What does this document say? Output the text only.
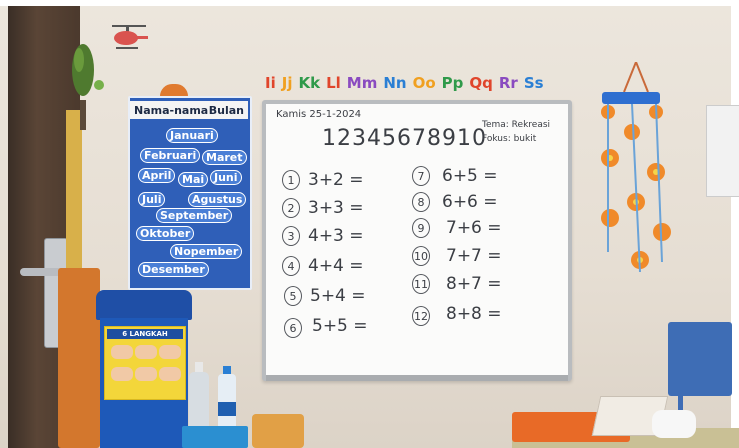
Ii Jj Kk Ll Mm Nn Oo Pp Qq Rr Ss
Nama-nama Bulan
Januari
Februari Maret
April Mai Juni
Juli	Agustus
September
Oktober
Nopember
Desember
Kamis 25-1-2024
12345678910
Tema: Rekreasi
Fokus: bukit
1 3+2 =
2 3+3 =
3 4+3 =
4 4+4 =
5 5+4 =
6 5+5 =
7	6+5 =
8	6+6 =
9	7+6 =
10 7+7 =
11 8+7 =
12 8+8 =
6 LANGKAH
